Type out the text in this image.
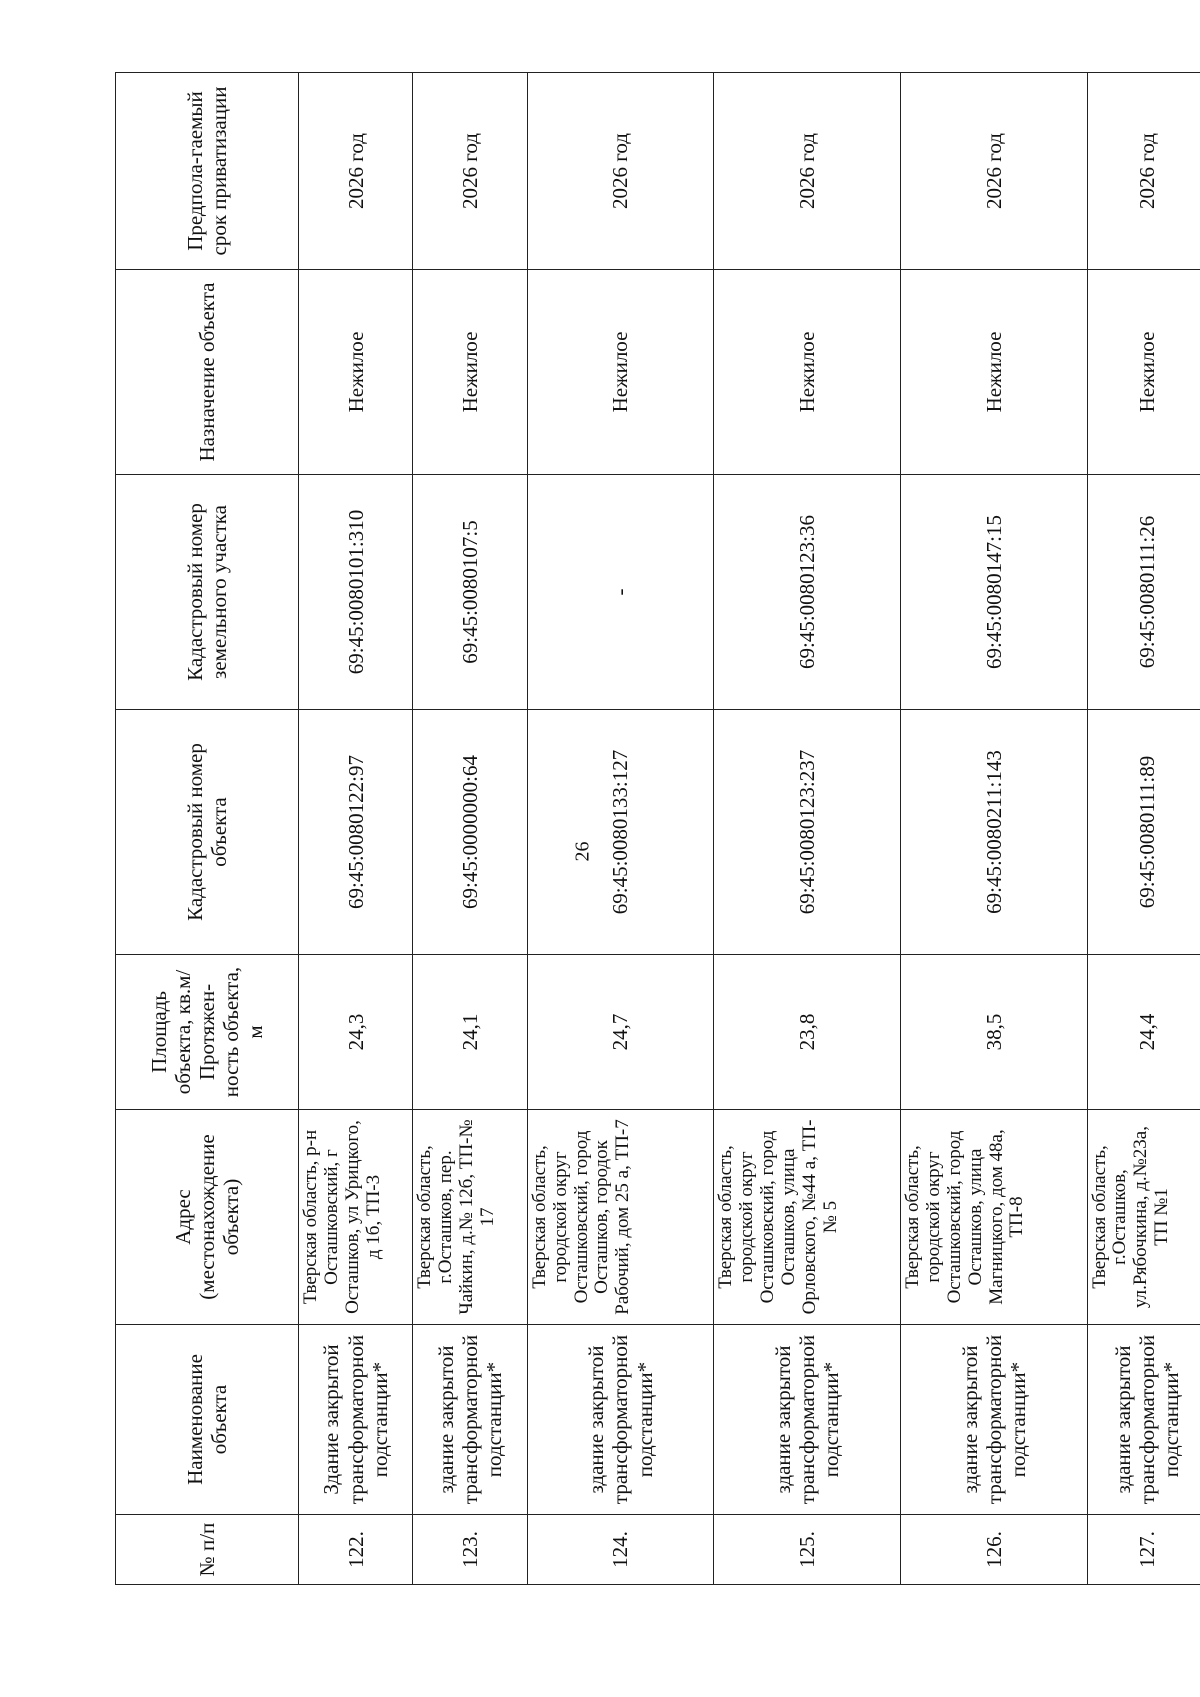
26
№ п/п	Наименование объекта	Адрес (местонахождение объекта)	Площадь объекта, кв.м/ Протяжен-ность объекта, м	Кадастровый номер объекта	Кадастровый номер земельного участка	Назначение объекта	Предпола-гаемый срок приватизации
122.	Здание закрытой трансформаторной подстанции*	Тверская область, р-н Осташковский, г Осташков, ул Урицкого, д 1б, ТП-3	24,3	69:45:0080122:97	69:45:0080101:310	Нежилое	2026 год
123.	здание закрытой трансформаторной подстанции*	Тверская область, г.Осташков, пер. Чайкин, д.№ 12б, ТП-№ 17	24,1	69:45:0000000:64	69:45:0080107:5	Нежилое	2026 год
124.	здание закрытой трансформаторной подстанции*	Тверская область, городской округ Осташковский, город Осташков, городок Рабочий, дом 25 а, ТП-7	24,7	69:45:0080133:127	-	Нежилое	2026 год
125.	здание закрытой трансформаторной подстанции*	Тверская область, городской округ Осташковский, город Осташков, улица Орловского, №44 а, ТП-№ 5	23,8	69:45:0080123:237	69:45:0080123:36	Нежилое	2026 год
126.	здание закрытой трансформаторной подстанции*	Тверская область, городской округ Осташковский, город Осташков, улица Магницкого, дом 48а, ТП-8	38,5	69:45:0080211:143	69:45:0080147:15	Нежилое	2026 год
127.	здание закрытой трансформаторной подстанции*	Тверская область, г.Осташков, ул.Рябочкина, д.№23а, ТП №1	24,4	69:45:0080111:89	69:45:0080111:26	Нежилое	2026 год
